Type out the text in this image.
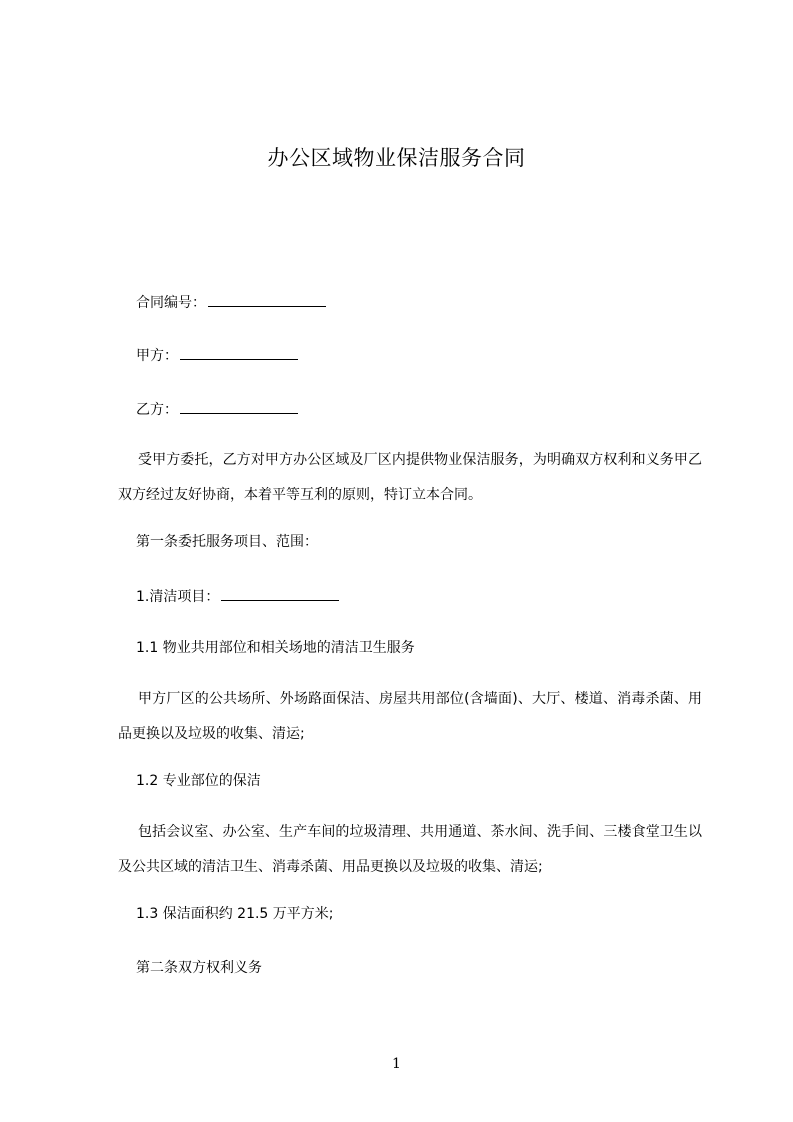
办公区域物业保洁服务合同
合同编号：
甲方：
乙方：
受甲方委托，乙方对甲方办公区域及厂区内提供物业保洁服务，为明确双方权利和义务甲乙双方经过友好协商，本着平等互利的原则，特订立本合同。
第一条委托服务项目、范围：
1.清洁项目：
1.1 物业共用部位和相关场地的清洁卫生服务
甲方厂区的公共场所、外场路面保洁、房屋共用部位(含墙面)、大厅、楼道、消毒杀菌、用品更换以及垃圾的收集、清运;
1.2 专业部位的保洁
包括会议室、办公室、生产车间的垃圾清理、共用通道、茶水间、洗手间、三楼食堂卫生以及公共区域的清洁卫生、消毒杀菌、用品更换以及垃圾的收集、清运;
1.3 保洁面积约 21.5 万平方米;
第二条双方权利义务
1
